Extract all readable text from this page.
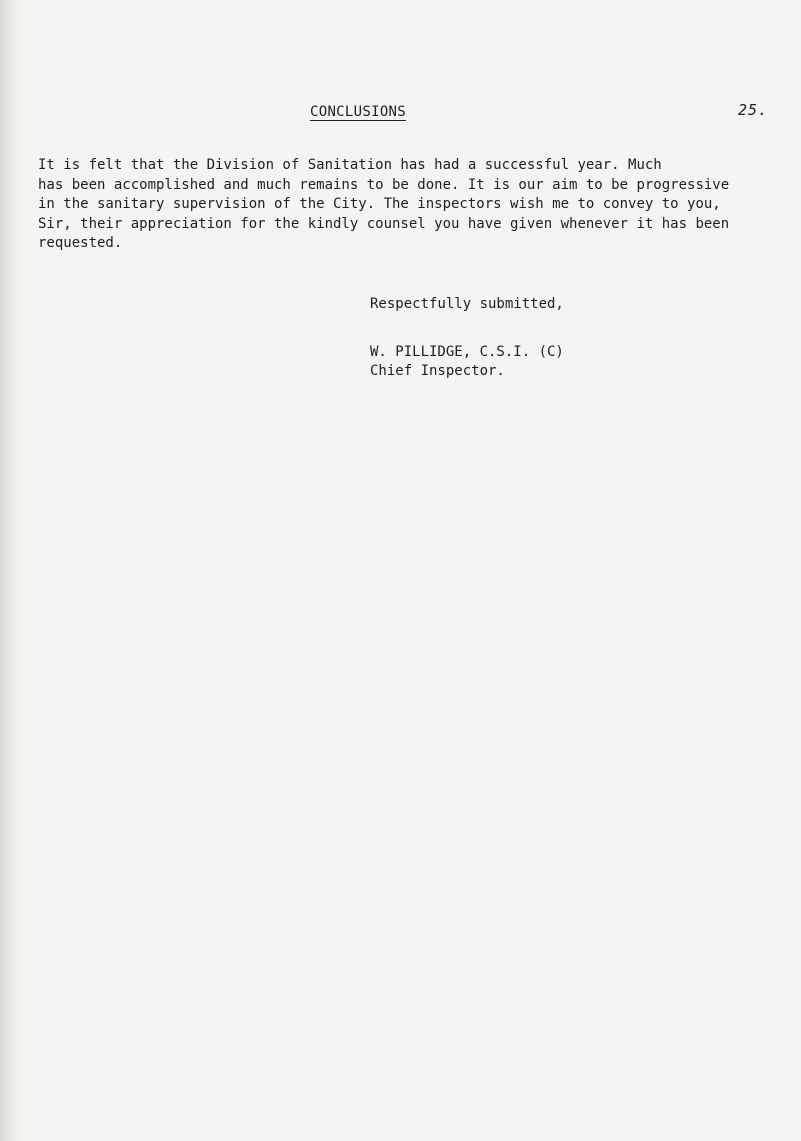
25.
CONCLUSIONS
It is felt that the Division of Sanitation has had a successful year. Much
has been accomplished and much remains to be done. It is our aim to be progressive
in the sanitary supervision of the City. The inspectors wish me to convey to you,
Sir, their appreciation for the kindly counsel you have given whenever it has been
requested.
Respectfully submitted,
W. PILLIDGE, C.S.I. (C)
Chief Inspector.
